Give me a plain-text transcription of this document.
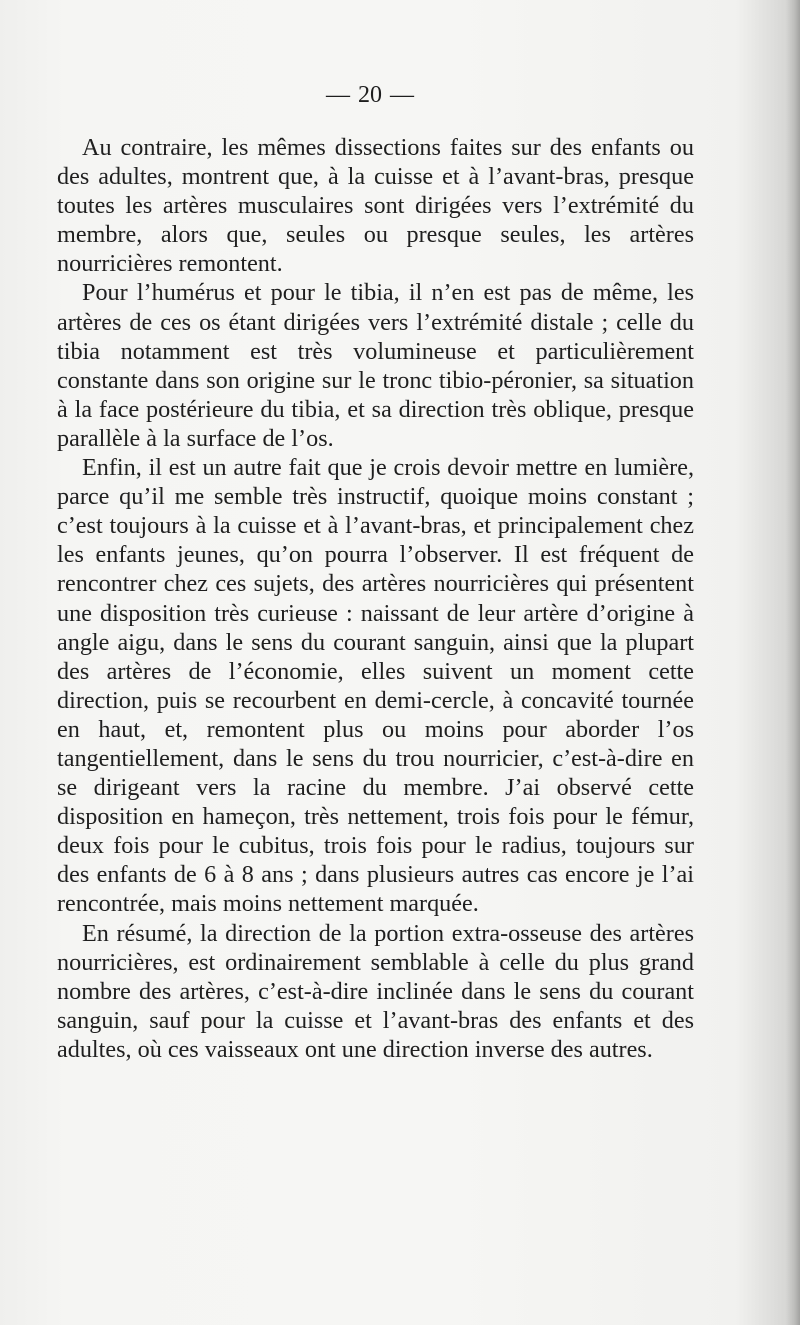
— 20 —

Au contraire, les mêmes dissections faites sur des enfants ou des adultes, montrent que, à la cuisse et à l’avant-bras, presque toutes les artères musculaires sont dirigées vers l’extrémité du membre, alors que, seules ou presque seules, les artères nourricières remontent.

Pour l’humérus et pour le tibia, il n’en est pas de même, les artères de ces os étant dirigées vers l’extrémité distale ; celle du tibia notamment est très volumineuse et particulièrement constante dans son origine sur le tronc tibio-péronier, sa situation à la face postérieure du tibia, et sa direction très oblique, presque parallèle à la surface de l’os.

Enfin, il est un autre fait que je crois devoir mettre en lumière, parce qu’il me semble très instructif, quoique moins constant ; c’est toujours à la cuisse et à l’avant-bras, et principalement chez les enfants jeunes, qu’on pourra l’observer. Il est fréquent de rencontrer chez ces sujets, des artères nourricières qui présentent une disposition très curieuse : naissant de leur artère d’origine à angle aigu, dans le sens du courant sanguin, ainsi que la plupart des artères de l’économie, elles suivent un moment cette direction, puis se recourbent en demi-cercle, à concavité tournée en haut, et, remontent plus ou moins pour aborder l’os tangentiellement, dans le sens du trou nourricier, c’est-à-dire en se dirigeant vers la racine du membre. J’ai observé cette disposition en hameçon, très nettement, trois fois pour le fémur, deux fois pour le cubitus, trois fois pour le radius, toujours sur des enfants de 6 à 8 ans ; dans plusieurs autres cas encore je l’ai rencontrée, mais moins nettement marquée.

En résumé, la direction de la portion extra-osseuse des artères nourricières, est ordinairement semblable à celle du plus grand nombre des artères, c’est-à-dire inclinée dans le sens du courant sanguin, sauf pour la cuisse et l’avant-bras des enfants et des adultes, où ces vaisseaux ont une direction inverse des autres.
